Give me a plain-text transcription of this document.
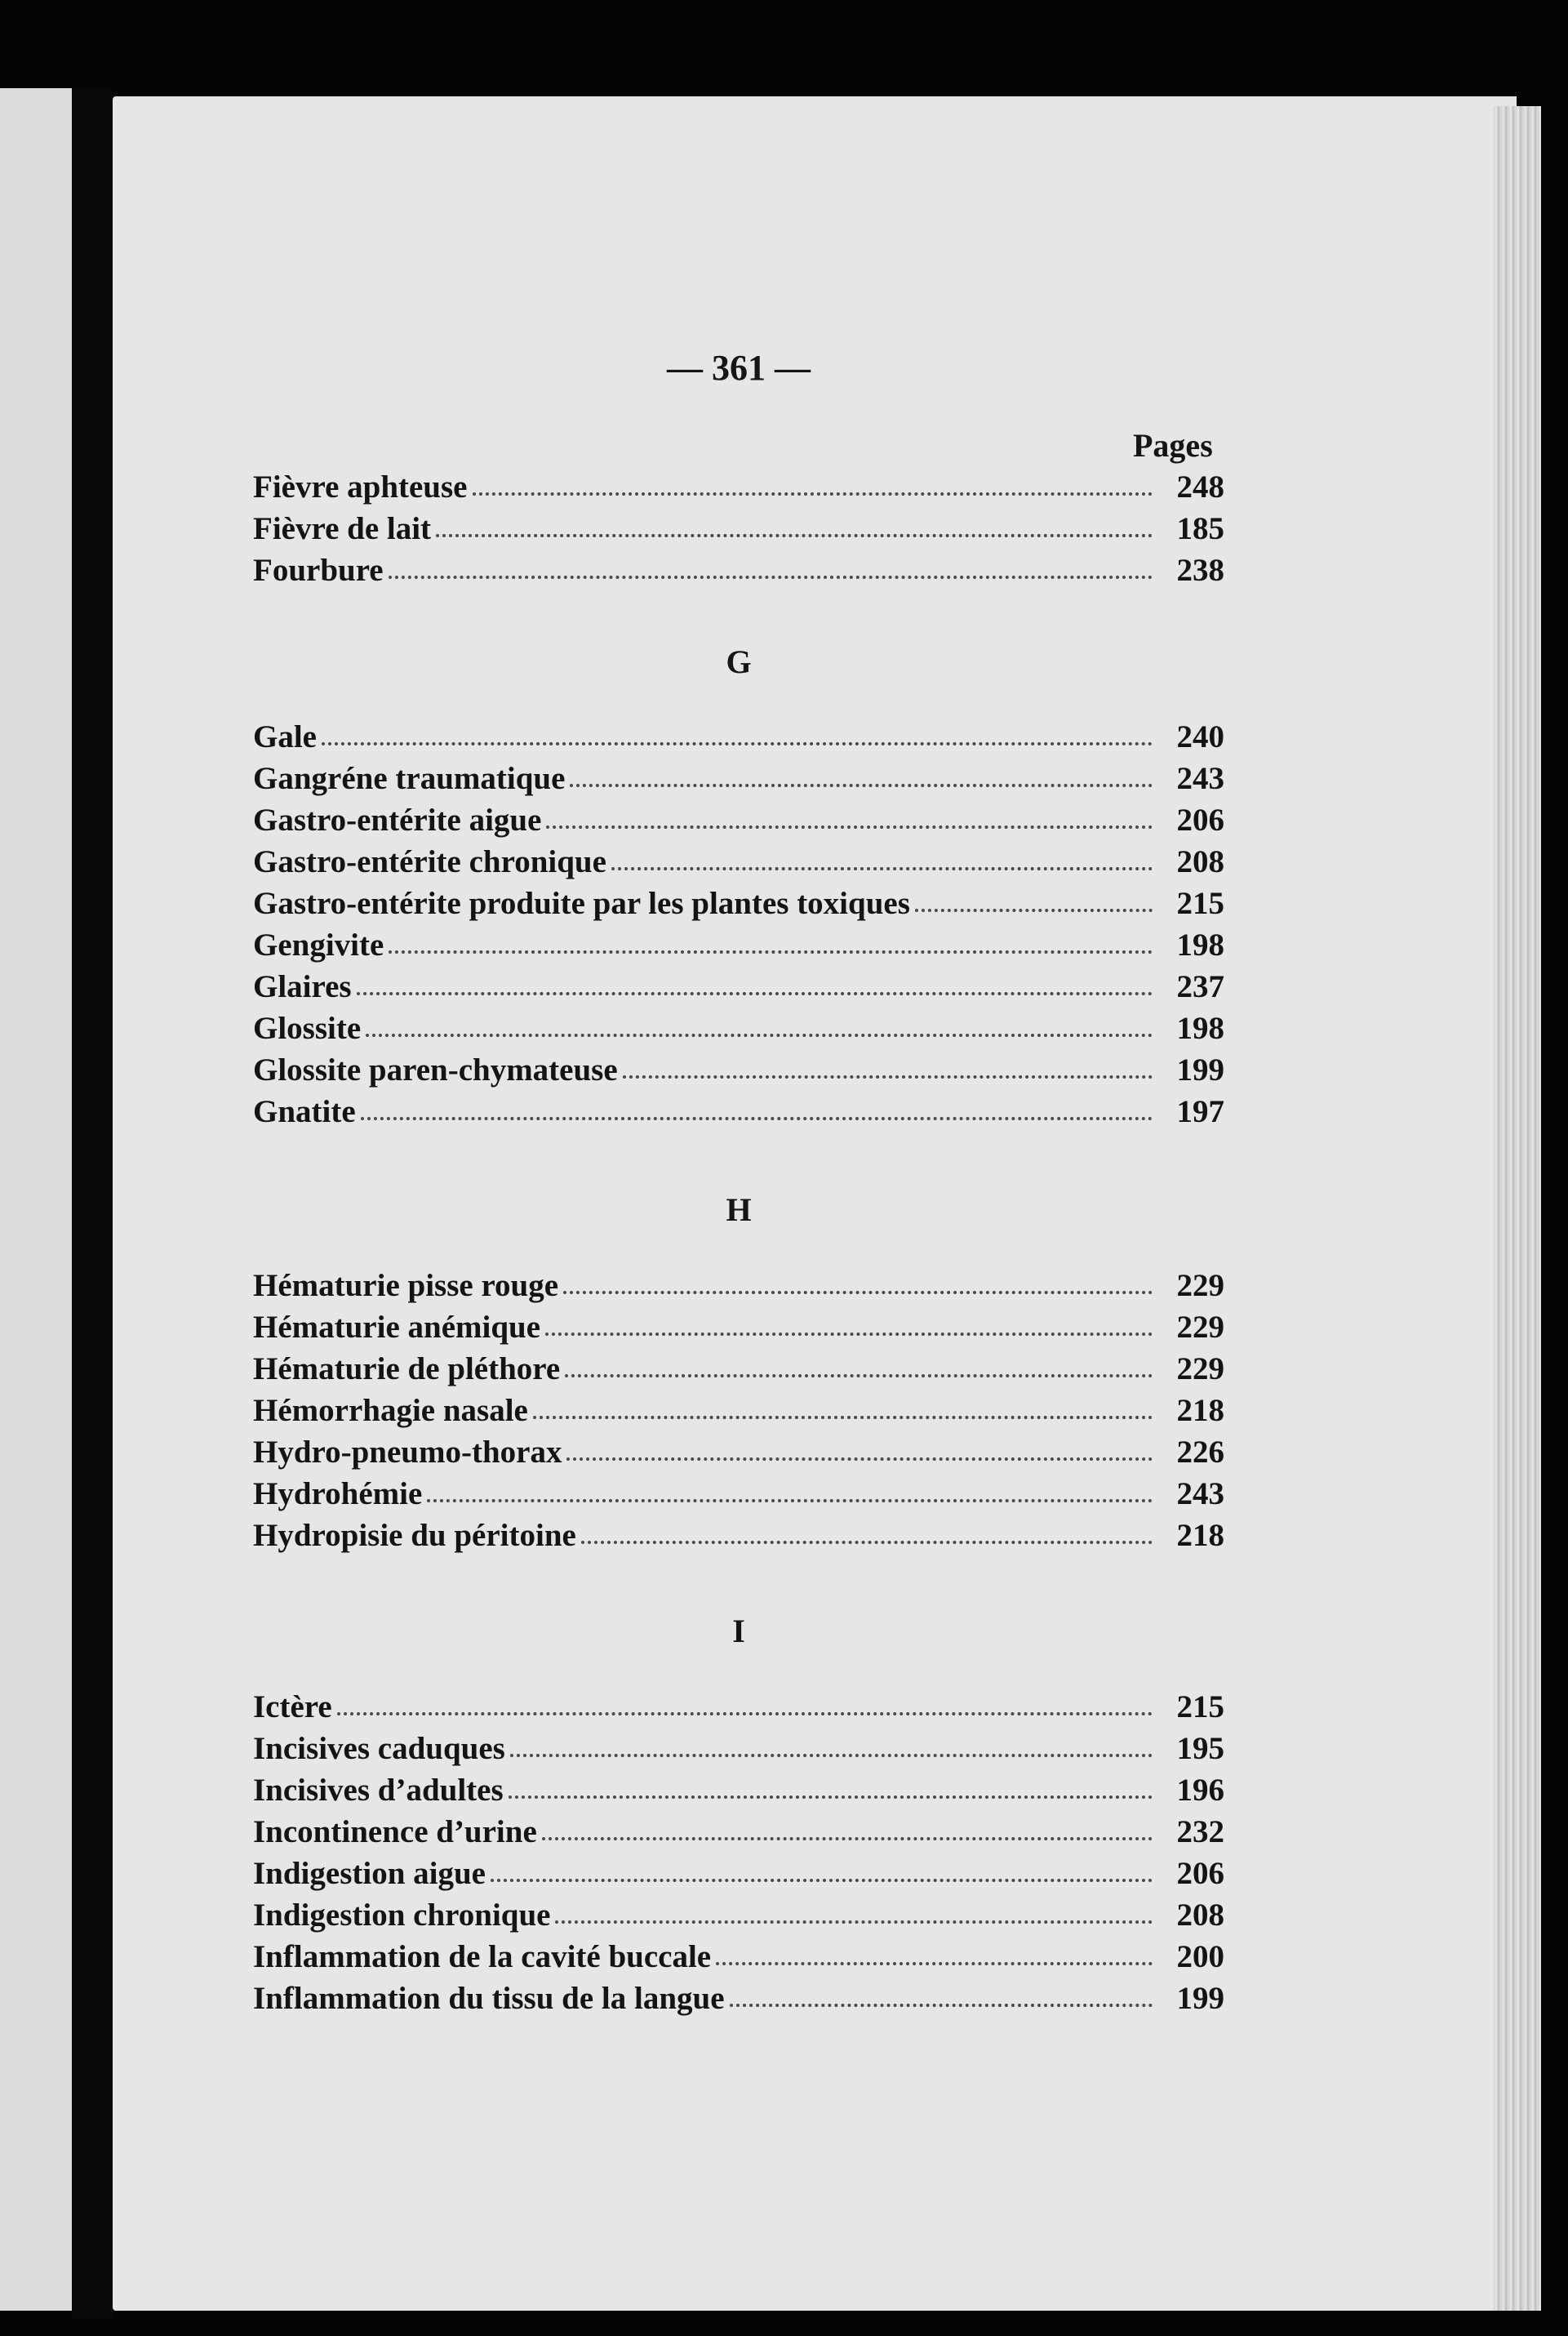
— 361 —
Pages
Fièvre aphteuse	248
Fièvre de lait	185
Fourbure	238
G
Gale	240
Gangréne traumatique	243
Gastro-entérite aigue	206
Gastro-entérite chronique	208
Gastro-entérite produite par les plantes toxiques	215
Gengivite	198
Glaires	237
Glossite	198
Glossite paren-chymateuse	199
Gnatite	197
H
Hématurie pisse rouge	229
Hématurie anémique	229
Hématurie de pléthore	229
Hémorrhagie nasale	218
Hydro-pneumo-thorax	226
Hydrohémie	243
Hydropisie du péritoine	218
I
Ictère	215
Incisives caduques	195
Incisives d’adultes	196
Incontinence d’urine	232
Indigestion aigue	206
Indigestion chronique	208
Inflammation de la cavité buccale	200
Inflammation du tissu de la langue	199
